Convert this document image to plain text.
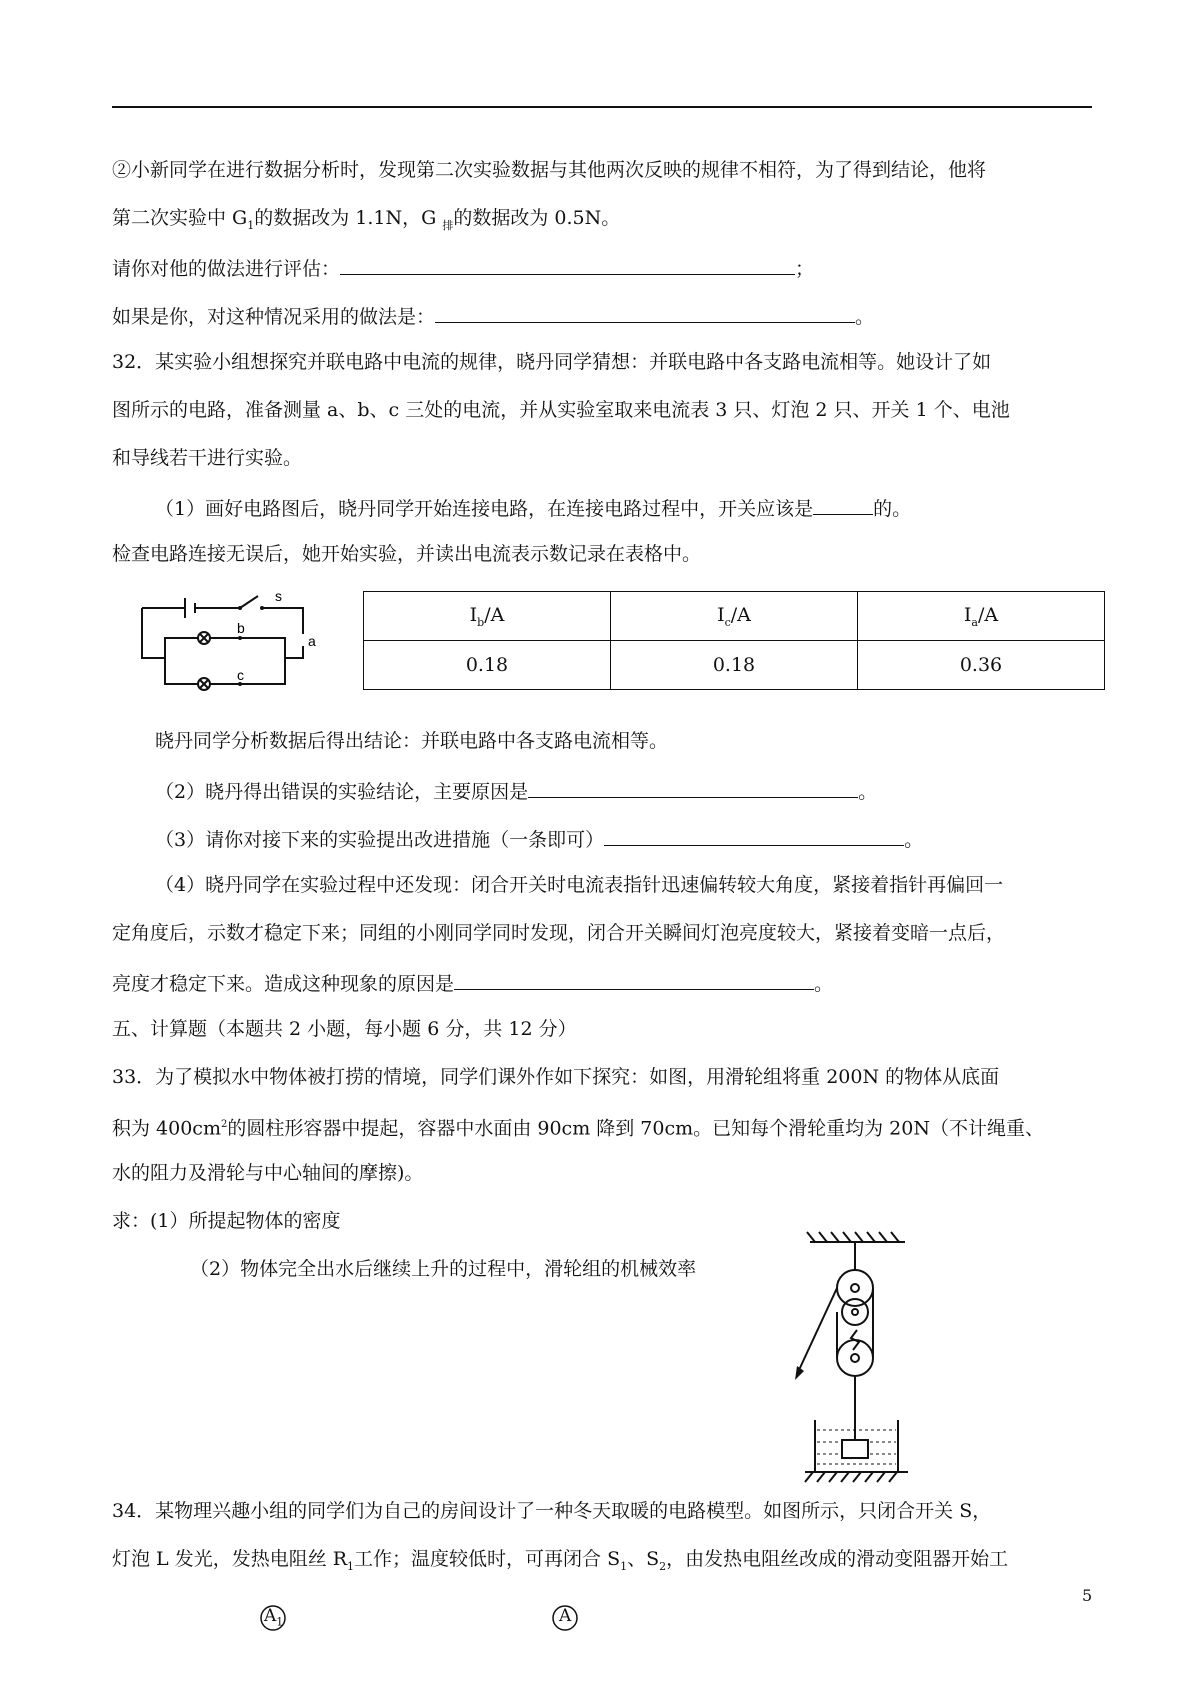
②小新同学在进行数据分析时，发现第二次实验数据与其他两次反映的规律不相符，为了得到结论，他将
第二次实验中 $G_1$的数据改为 1.1N，G $_排$的数据改为 0.5N。
请你对他的做法进行评估：	；
如果是你，对这种情况采用的做法是：	。
32．某实验小组想探究并联电路中电流的规律，晓丹同学猜想：并联电路中各支路电流相等。她设计了如
图所示的电路，准备测量 a、b、c 三处的电流，并从实验室取来电流表 3 只、灯泡 2 只、开关 1 个、电池
和导线若干进行实验。
（1）画好电路图后，晓丹同学开始连接电路，在连接电路过程中，开关应该是	的。
检查电路连接无误后，她开始实验，并读出电流表示数记录在表格中。
s
a
b
c
$I_b/A$	$I_c/A$	$I_a/A$
0.18	0.18	0.36
晓丹同学分析数据后得出结论：并联电路中各支路电流相等。
（2）晓丹得出错误的实验结论，主要原因是	。
（3）请你对接下来的实验提出改进措施（一条即可）	。
（4）晓丹同学在实验过程中还发现：闭合开关时电流表指针迅速偏转较大角度，紧接着指针再偏回一
定角度后，示数才稳定下来；同组的小刚同学同时发现，闭合开关瞬间灯泡亮度较大，紧接着变暗一点后，
亮度才稳定下来。造成这种现象的原因是	。
五、计算题（本题共 2 小题，每小题 6 分，共 12 分）
33．为了模拟水中物体被打捞的情境，同学们课外作如下探究：如图，用滑轮组将重 200N 的物体从底面
积为 $400cm^2$的圆柱形容器中提起，容器中水面由 90cm 降到 70cm。已知每个滑轮重均为 20N（不计绳重、
水的阻力及滑轮与中心轴间的摩擦)。
求：(1）所提起物体的密度
（2）物体完全出水后继续上升的过程中，滑轮组的机械效率
34．某物理兴趣小组的同学们为自己的房间设计了一种冬天取暖的电路模型。如图所示，只闭合开关 S，
灯泡 L 发光，发热电阻丝 $R_1$工作；温度较低时，可再闭合 $S_1$、$S_2$，由发热电阻丝改成的滑动变阻器开始工
$A_1$	A
5
